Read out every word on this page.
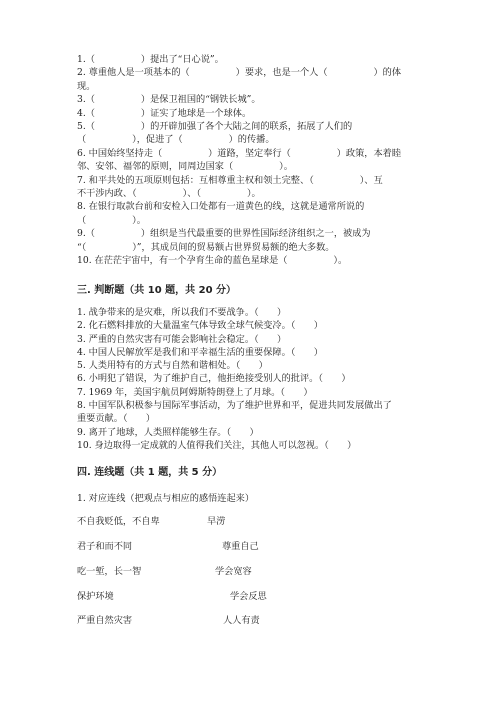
1.（　　　　　）提出了“日心说”。
2. 尊重他人是一项基本的（　　　　　）要求，也是一个人（　　　　　）的体
现。
3.（　　　　　）是保卫祖国的“钢铁长城”。
4.（　　　　　）证实了地球是一个球体。
5.（　　　　　）的开辟加强了各个大陆之间的联系，拓展了人们的
（　　　　　），促进了（　　　　　）的传播。
6. 中国始终坚持走（　　　　　）道路，坚定奉行（　　　　　）政策，本着睦
邻、安邻、福邻的原则，同周边国家（　　　　　）。
7. 和平共处的五项原则包括：互相尊重主权和领土完整、（　　　　　）、互
不干涉内政、（　　　　　）、（　　　　　）。
8. 在银行取款台前和安检入口处都有一道黄色的线，这就是通常所说的
（　　　　　）。
9.（　　　　　）组织是当代最重要的世界性国际经济组织之一，被成为
“（　　　　　）”，其成员间的贸易额占世界贸易额的绝大多数。
10. 在茫茫宇宙中，有一个孕育生命的蓝色星球是（　　　　　）。
三. 判断题（共 10 题，共 20 分）
1. 战争带来的是灾难，所以我们不要战争。（　　）
2. 化石燃料排放的大量温室气体导致全球气候变冷。（　　）
3. 严重的自然灾害有可能会影响社会稳定。（　　）
4. 中国人民解放军是我们和平幸福生活的重要保障。（　　）
5. 人类用特有的方式与自然和谐相处。（　　）
6. 小明犯了错误，为了维护自己，他拒绝接受别人的批评。（　　）
7. 1969 年，美国宇航员阿姆斯特朗登上了月球。（　　）
8. 中国军队积极参与国际军事活动，为了维护世界和平，促进共同发展做出了
重要贡献。（　　）
9. 离开了地球，人类照样能够生存。（　　）
10. 身边取得一定成就的人值得我们关注，其他人可以忽视。（　　）
四. 连线题（共 1 题，共 5 分）
1. 对应连线（把观点与相应的感悟连起来）
不自我贬低，不自卑
君子和而不同
吃一堑，长一智
保护环境
严重自然灾害
早涝
尊重自己
学会宽容
学会反思
人人有责
